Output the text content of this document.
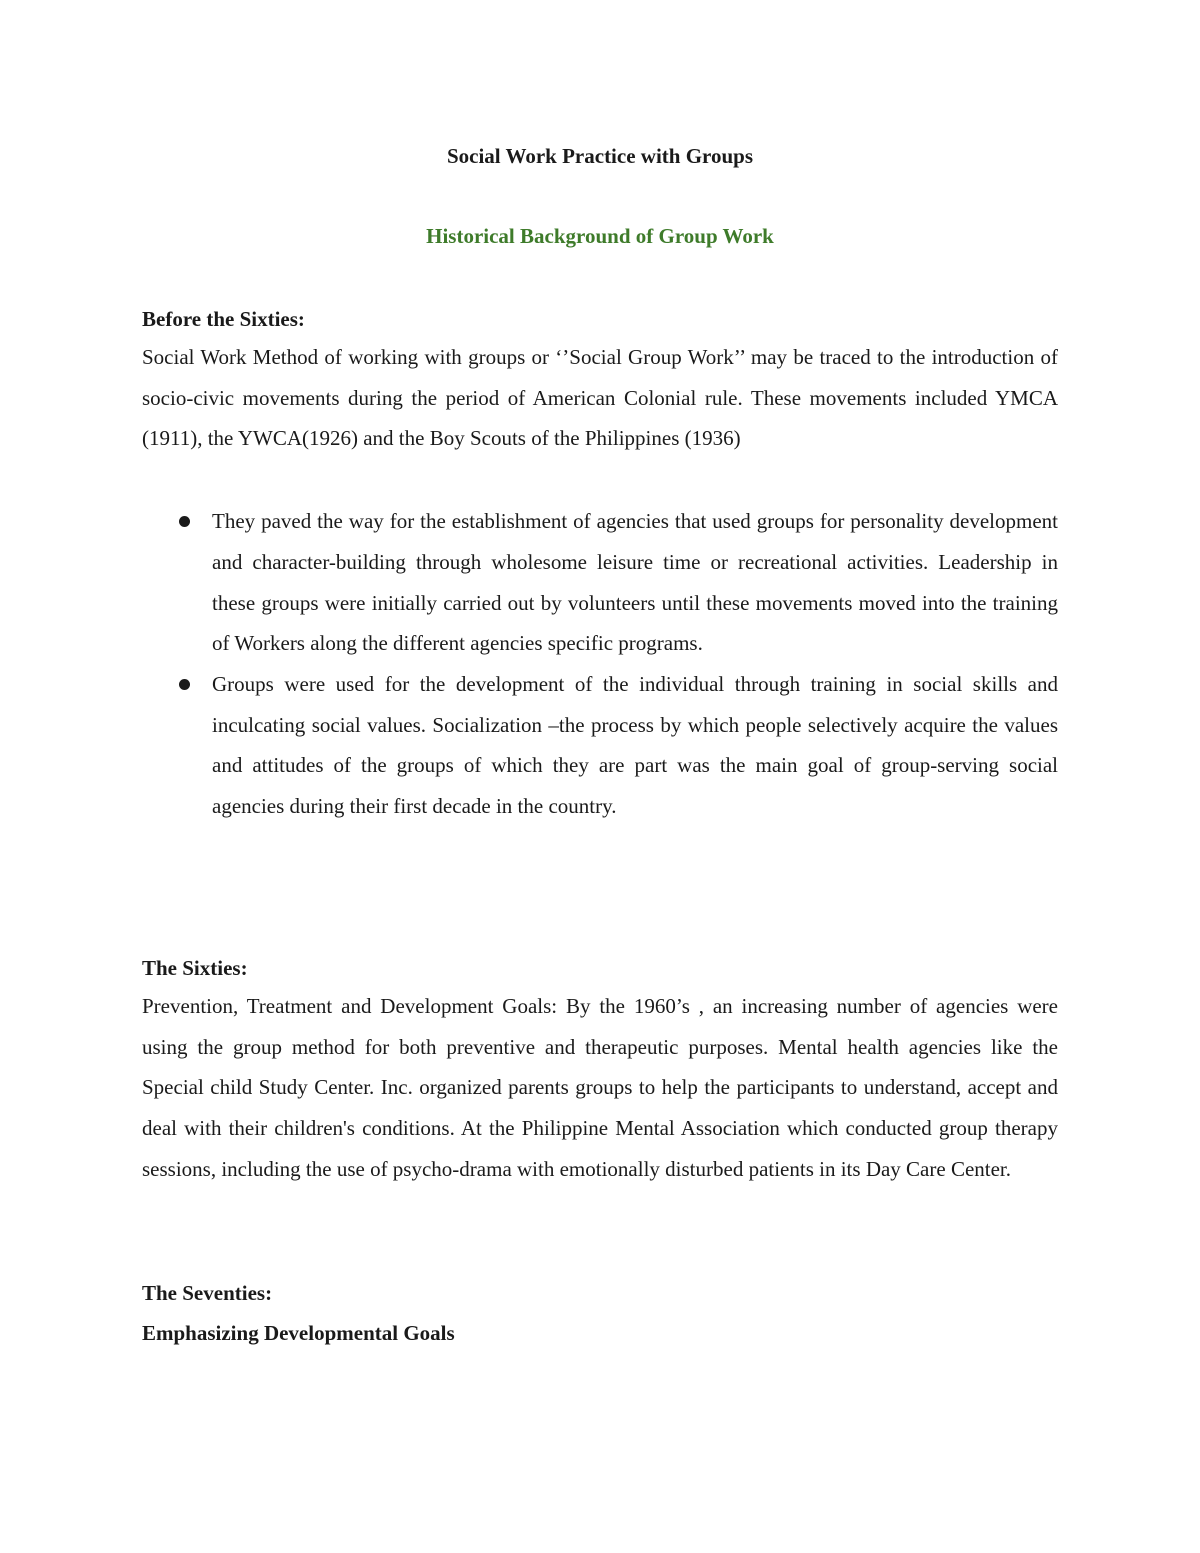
Social Work Practice with Groups
Historical Background of Group Work

Before the Sixties:

Social Work Method of working with groups or ‘’Social Group Work’’ may be traced to the introduction of socio-civic movements during the period of American Colonial rule. These movements included YMCA (1911), the YWCA(1926) and the Boy Scouts of the Philippines (1936)

They paved the way for the establishment of agencies that used groups for personality development and character-building through wholesome leisure time or recreational activities. Leadership in these groups were initially carried out by volunteers until these movements moved into the training of Workers along the different agencies specific programs.
Groups were used for the development of the individual through training in social skills and inculcating social values. Socialization –the process by which people selectively acquire the values and attitudes of the groups of which they are part was the main goal of group-serving social agencies during their first decade in the country.

The Sixties:

Prevention, Treatment and Development Goals: By the 1960’s , an increasing number of agencies were using the group method for both preventive and therapeutic purposes. Mental health agencies like the Special child Study Center. Inc. organized parents groups to help the participants to understand, accept and deal with their children's conditions. At the Philippine Mental Association which conducted group therapy sessions, including the use of psycho-drama with emotionally disturbed patients in its Day Care Center.

The Seventies:

Emphasizing Developmental Goals
